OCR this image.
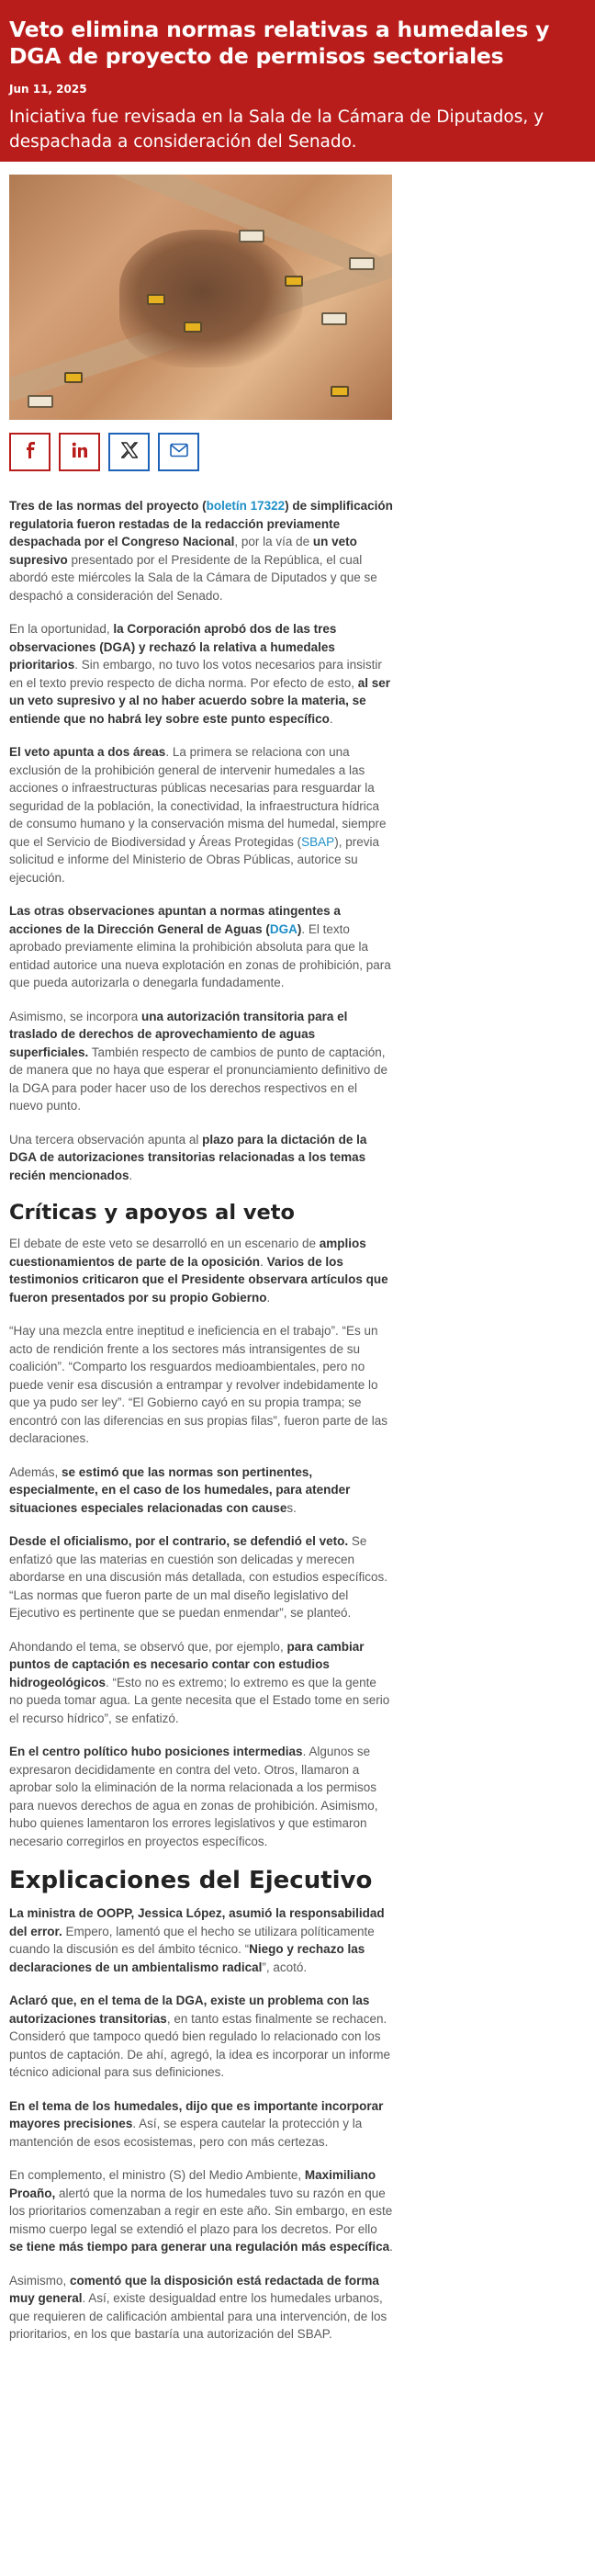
Veto elimina normas relativas a humedales y DGA de proyecto de permisos sectoriales
Jun 11, 2025
Iniciativa fue revisada en la Sala de la Cámara de Diputados, y despachada a consideración del Senado.

Tres de las normas del proyecto (boletín 17322) de simplificación regulatoria fueron restadas de la redacción previamente despachada por el Congreso Nacional, por la vía de un veto supresivo presentado por el Presidente de la República, el cual abordó este miércoles la Sala de la Cámara de Diputados y que se despachó a consideración del Senado.

En la oportunidad, la Corporación aprobó dos de las tres observaciones (DGA) y rechazó la relativa a humedales prioritarios. Sin embargo, no tuvo los votos necesarios para insistir en el texto previo respecto de dicha norma. Por efecto de esto, al ser un veto supresivo y al no haber acuerdo sobre la materia, se entiende que no habrá ley sobre este punto específico.

El veto apunta a dos áreas. La primera se relaciona con una exclusión de la prohibición general de intervenir humedales a las acciones o infraestructuras públicas necesarias para resguardar la seguridad de la población, la conectividad, la infraestructura hídrica de consumo humano y la conservación misma del humedal, siempre que el Servicio de Biodiversidad y Áreas Protegidas (SBAP), previa solicitud e informe del Ministerio de Obras Públicas, autorice su ejecución.

Las otras observaciones apuntan a normas atingentes a acciones de la Dirección General de Aguas (DGA). El texto aprobado previamente elimina la prohibición absoluta para que la entidad autorice una nueva explotación en zonas de prohibición, para que pueda autorizarla o denegarla fundadamente.

Asimismo, se incorpora una autorización transitoria para el traslado de derechos de aprovechamiento de aguas superficiales. También respecto de cambios de punto de captación, de manera que no haya que esperar el pronunciamiento definitivo de la DGA para poder hacer uso de los derechos respectivos en el nuevo punto.

Una tercera observación apunta al plazo para la dictación de la DGA de autorizaciones transitorias relacionadas a los temas recién mencionados.

Críticas y apoyos al veto

El debate de este veto se desarrolló en un escenario de amplios cuestionamientos de parte de la oposición. Varios de los testimonios criticaron que el Presidente observara artículos que fueron presentados por su propio Gobierno.

“Hay una mezcla entre ineptitud e ineficiencia en el trabajo”. “Es un acto de rendición frente a los sectores más intransigentes de su coalición”. “Comparto los resguardos medioambientales, pero no puede venir esa discusión a entrampar y revolver indebidamente lo que ya pudo ser ley”. “El Gobierno cayó en su propia trampa; se encontró con las diferencias en sus propias filas”, fueron parte de las declaraciones.

Además, se estimó que las normas son pertinentes, especialmente, en el caso de los humedales, para atender situaciones especiales relacionadas con causes.

Desde el oficialismo, por el contrario, se defendió el veto. Se enfatizó que las materias en cuestión son delicadas y merecen abordarse en una discusión más detallada, con estudios específicos. “Las normas que fueron parte de un mal diseño legislativo del Ejecutivo es pertinente que se puedan enmendar”, se planteó.

Ahondando el tema, se observó que, por ejemplo, para cambiar puntos de captación es necesario contar con estudios hidrogeológicos. “Esto no es extremo; lo extremo es que la gente no pueda tomar agua. La gente necesita que el Estado tome en serio el recurso hídrico”, se enfatizó.

En el centro político hubo posiciones intermedias. Algunos se expresaron decididamente en contra del veto. Otros, llamaron a aprobar solo la eliminación de la norma relacionada a los permisos para nuevos derechos de agua en zonas de prohibición. Asimismo, hubo quienes lamentaron los errores legislativos y que estimaron necesario corregirlos en proyectos específicos.

Explicaciones del Ejecutivo

La ministra de OOPP, Jessica López, asumió la responsabilidad del error. Empero, lamentó que el hecho se utilizara políticamente cuando la discusión es del ámbito técnico. “Niego y rechazo las declaraciones de un ambientalismo radical”, acotó.

Aclaró que, en el tema de la DGA, existe un problema con las autorizaciones transitorias, en tanto estas finalmente se rechacen. Consideró que tampoco quedó bien regulado lo relacionado con los puntos de captación. De ahí, agregó, la idea es incorporar un informe técnico adicional para sus definiciones.

En el tema de los humedales, dijo que es importante incorporar mayores precisiones. Así, se espera cautelar la protección y la mantención de esos ecosistemas, pero con más certezas.

En complemento, el ministro (S) del Medio Ambiente, Maximiliano Proaño, alertó que la norma de los humedales tuvo su razón en que los prioritarios comenzaban a regir en este año. Sin embargo, en este mismo cuerpo legal se extendió el plazo para los decretos. Por ello se tiene más tiempo para generar una regulación más específica.

Asimismo, comentó que la disposición está redactada de forma muy general. Así, existe desigualdad entre los humedales urbanos, que requieren de calificación ambiental para una intervención, de los prioritarios, en los que bastaría una autorización del SBAP.
